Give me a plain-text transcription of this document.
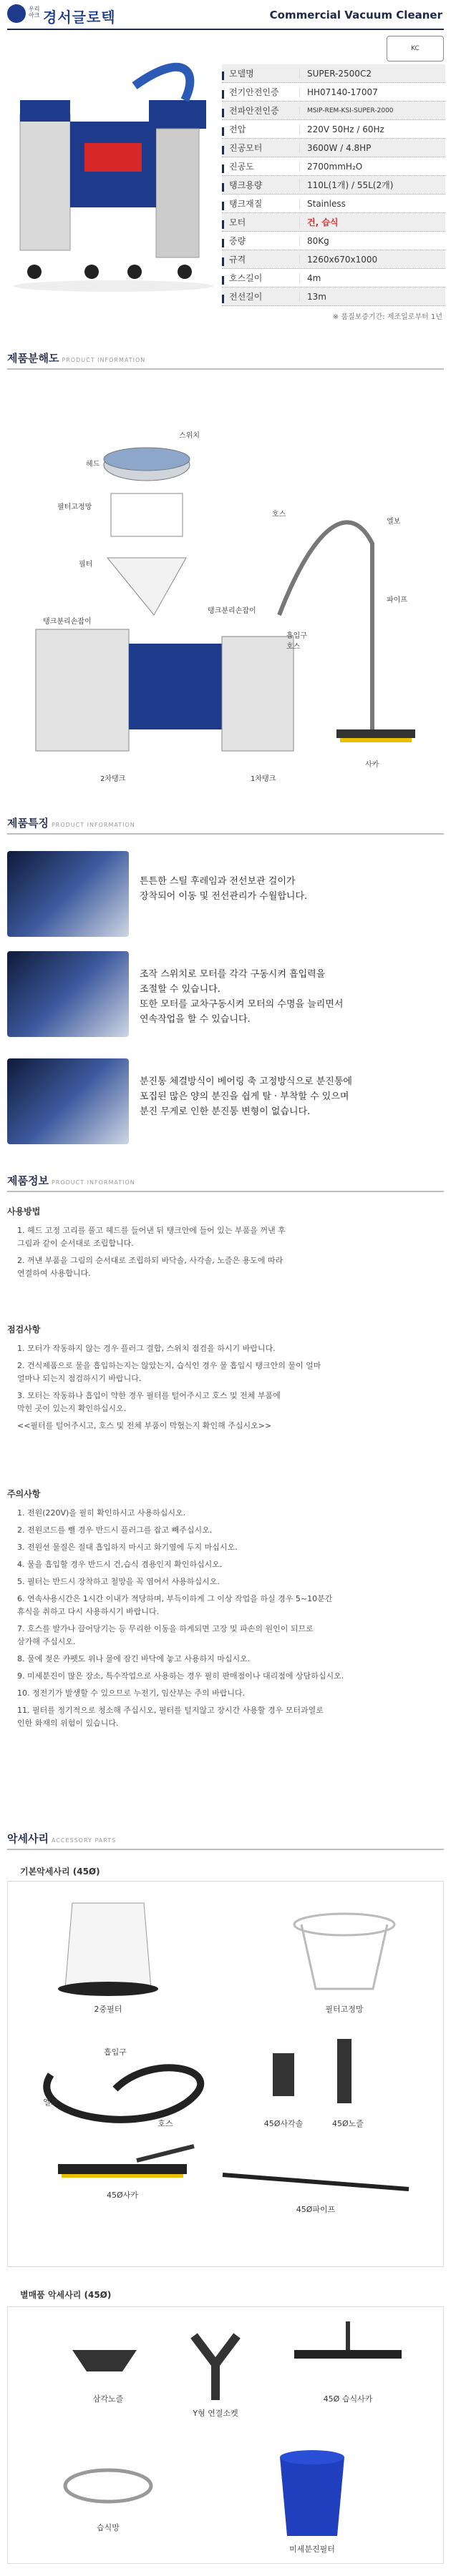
우리 아크 경서글로텍	Commercial Vacuum Cleaner
KC
모델명	SUPER-2500C2
전기안전인증	HH07140-17007
전파안전인증	MSIP-REM-KSI-SUPER-2000
전압	220V 50Hz / 60Hz
진공모터	3600W / 4.8HP
진공도	2700mmH₂O
탱크용량	110L(1개) / 55L(2개)
탱크재질	Stainless
모터	건, 습식
중량	80Kg
규격	1260x670x1000
호스길이	4m
전선길이	13m
※ 품질보증기간: 제조일로부터 1년
제품분해도 PRODUCT INFORMATION
스위치
헤드
필터고정망
필터
탱크분리손잡이
탱크분리손잡이
2차탱크	1차탱크
호스
흡입구
호스
엘보
파이프
사카
제품특징 PRODUCT INFORMATION
튼튼한 스틸 후레임과 전선보관 걸이가
장착되어 이동 및 전선관리가 수월합니다.
조작 스위치로 모터를 각각 구동시켜 흡입력을
조절할 수 있습니다.
또한 모터를 교차구동시켜 모터의 수명을 늘리면서
연속작업을 할 수 있습니다.
분진통 체결방식이 베어링 축 고정방식으로 분진통에
포집된 많은 양의 분진을 쉽게 탈 · 부착할 수 있으며
분진 무게로 인한 분진통 변형이 없습니다.
제품정보 PRODUCT INFORMATION
사용방법
1. 헤드 고정 고리를 풀고 헤드를 들어낸 뒤 탱크안에 들어 있는 부품을 꺼낸 후
그림과 같이 순서대로 조립합니다.
2. 꺼낸 부품을 그림의 순서대로 조립하되 바닥솔, 사각솔, 노즐은 용도에 따라
연결하여 사용합니다.
점검사항
1. 모터가 작동하지 않는 경우 플러그 결합, 스위치 점검을 하시기 바랍니다.
2. 건식제품으로 물을 흡입하는지는 않았는지, 습식인 경우 물 흡입시 탱크안의 물이 얼마
얼마나 되는지 점검하시기 바랍니다.
3. 모터는 작동하나 흡입이 약한 경우 필터를 털어주시고 호스 및 전체 부품에
막힌 곳이 있는지 확인하십시오.
<<필터를 털어주시고, 호스 및 전체 부품이 막혔는지 확인해 주십시오>>
주의사항
1. 전원(220V)을 필히 확인하시고 사용하십시오.
2. 전원코드를 뺄 경우 반드시 플러그를 잡고 빼주십시오.
3. 전원선 물질은 절대 흡입하지 마시고 화기옆에 두지 마십시오.
4. 물을 흡입할 경우 반드시 건,습식 겸용인지 확인하십시오.
5. 필터는 반드시 장착하고 철망을 꼭 염어서 사용하십시오.
6. 연속사용시간은 1시간 이내가 적당하며, 부득이하게 그 이상 작업을 하실 경우 5~10분간
휴식을 취하고 다시 사용하시기 바랍니다.
7. 호스를 발가나 끌어당기는 등 무리한 이동을 하게되면 고장 및 파손의 원인이 되므로
삼가해 주십시오.
8. 물에 젖은 카펫도 위나 물에 잠긴 바닥에 놓고 사용하지 마십시오.
9. 미세분진이 많은 장소, 특수작업으로 사용하는 경우 필히 판매점이나 대리점에 상담하십시오.
10. 정전기가 발생할 수 있으므로 누전기, 임산부는 주의 바랍니다.
11. 필터를 정기적으로 청소해 주십시오, 필터를 털지않고 장시간 사용할 경우 모터과열로
인한 화재의 위험이 있습니다.
악세사리 ACCESSORY PARTS
기본악세사리 (45Ø)
2중필터	필터고정망
흡입구
엘보
호스	45Ø사각솔	45Ø노즐
45Ø사카
45Ø파이프
별매품 악세사리 (45Ø)
삼각노즐
Y형 연결소켓
45Ø 습식사카
습식망
미세분진필터
